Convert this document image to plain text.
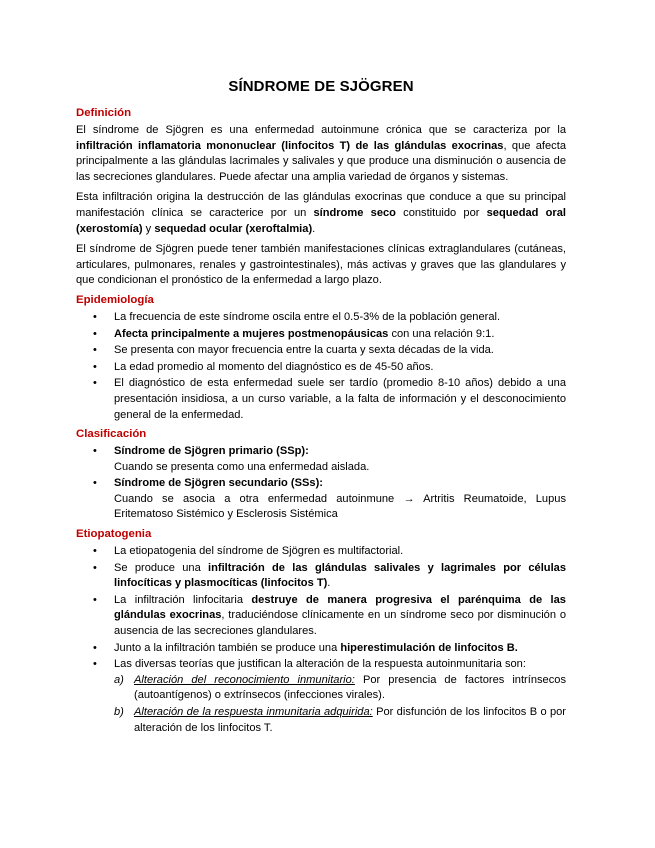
SÍNDROME DE SJÖGREN
Definición

El síndrome de Sjögren es una enfermedad autoinmune crónica que se caracteriza por la infiltración inflamatoria mononuclear (linfocitos T) de las glándulas exocrinas, que afecta principalmente a las glándulas lacrimales y salivales y que produce una disminución o ausencia de las secreciones glandulares. Puede afectar una amplia variedad de órganos y sistemas.

Esta infiltración origina la destrucción de las glándulas exocrinas que conduce a que su principal manifestación clínica se caracterice por un síndrome seco constituido por sequedad oral (xerostomía) y sequedad ocular (xeroftalmia).

El síndrome de Sjögren puede tener también manifestaciones clínicas extraglandulares (cutáneas, articulares, pulmonares, renales y gastrointestinales), más activas y graves que las glandulares y que condicionan el pronóstico de la enfermedad a largo plazo.

Epidemiología
• La frecuencia de este síndrome oscila entre el 0.5-3% de la población general.
• Afecta principalmente a mujeres postmenopáusicas con una relación 9:1.
• Se presenta con mayor frecuencia entre la cuarta y sexta décadas de la vida.
• La edad promedio al momento del diagnóstico es de 45-50 años.
• El diagnóstico de esta enfermedad suele ser tardío (promedio 8-10 años) debido a una presentación insidiosa, a un curso variable, a la falta de información y el desconocimiento general de la enfermedad.
Clasificación
• Síndrome de Sjögren primario (SSp):
Cuando se presenta como una enfermedad aislada.
• Síndrome de Sjögren secundario (SSs):
Cuando se asocia a otra enfermedad autoinmune → Artritis Reumatoide, Lupus Eritematoso Sistémico y Esclerosis Sistémica
Etiopatogenia
• La etiopatogenia del síndrome de Sjögren es multifactorial.
• Se produce una infiltración de las glándulas salivales y lagrimales por células linfocíticas y plasmocíticas (linfocitos T).
• La infiltración linfocitaria destruye de manera progresiva el parénquima de las glándulas exocrinas, traduciéndose clínicamente en un síndrome seco por disminución o ausencia de las secreciones glandulares.
• Junto a la infiltración también se produce una hiperestimulación de linfocitos B.
• Las diversas teorías que justifican la alteración de la respuesta autoinmunitaria son:
a) Alteración del reconocimiento inmunitario: Por presencia de factores intrínsecos (autoantígenos) o extrínsecos (infecciones virales).
b) Alteración de la respuesta inmunitaria adquirida: Por disfunción de los linfocitos B o por alteración de los linfocitos T.
